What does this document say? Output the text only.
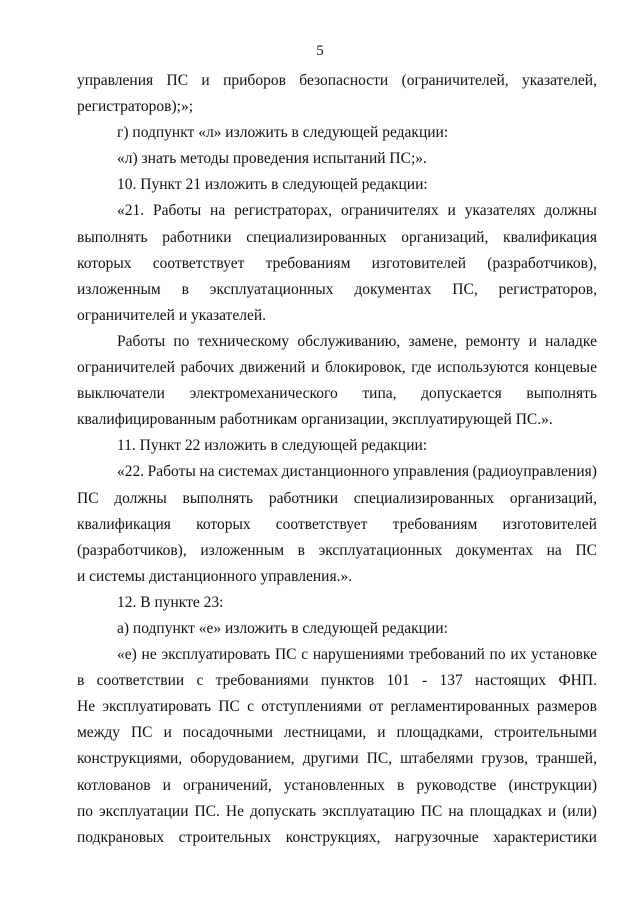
5
управления ПС и приборов безопасности (ограничителей, указателей,
регистраторов);»;
г) подпункт «л» изложить в следующей редакции:
«л) знать методы проведения испытаний ПС;».
10. Пункт 21 изложить в следующей редакции:
«21. Работы на регистраторах, ограничителях и указателях должны
выполнять работники специализированных организаций, квалификация
которых соответствует требованиям изготовителей (разработчиков),
изложенным в эксплуатационных документах ПС, регистраторов,
ограничителей и указателей.
Работы по техническому обслуживанию, замене, ремонту и наладке
ограничителей рабочих движений и блокировок, где используются концевые
выключатели электромеханического типа, допускается выполнять
квалифицированным работникам организации, эксплуатирующей ПС.».
11. Пункт 22 изложить в следующей редакции:
«22. Работы на системах дистанционного управления (радиоуправления)
ПС должны выполнять работники специализированных организаций,
квалификация которых соответствует требованиям изготовителей
(разработчиков), изложенным в эксплуатационных документах на ПС
и системы дистанционного управления.».
12. В пункте 23:
а) подпункт «е» изложить в следующей редакции:
«е) не эксплуатировать ПС с нарушениями требований по их установке
в соответствии с требованиями пунктов 101 - 137 настоящих ФНП.
Не эксплуатировать ПС с отступлениями от регламентированных размеров
между ПС и посадочными лестницами, и площадками, строительными
конструкциями, оборудованием, другими ПС, штабелями грузов, траншей,
котлованов и ограничений, установленных в руководстве (инструкции)
по эксплуатации ПС. Не допускать эксплуатацию ПС на площадках и (или)
подкрановых строительных конструкциях, нагрузочные характеристики
